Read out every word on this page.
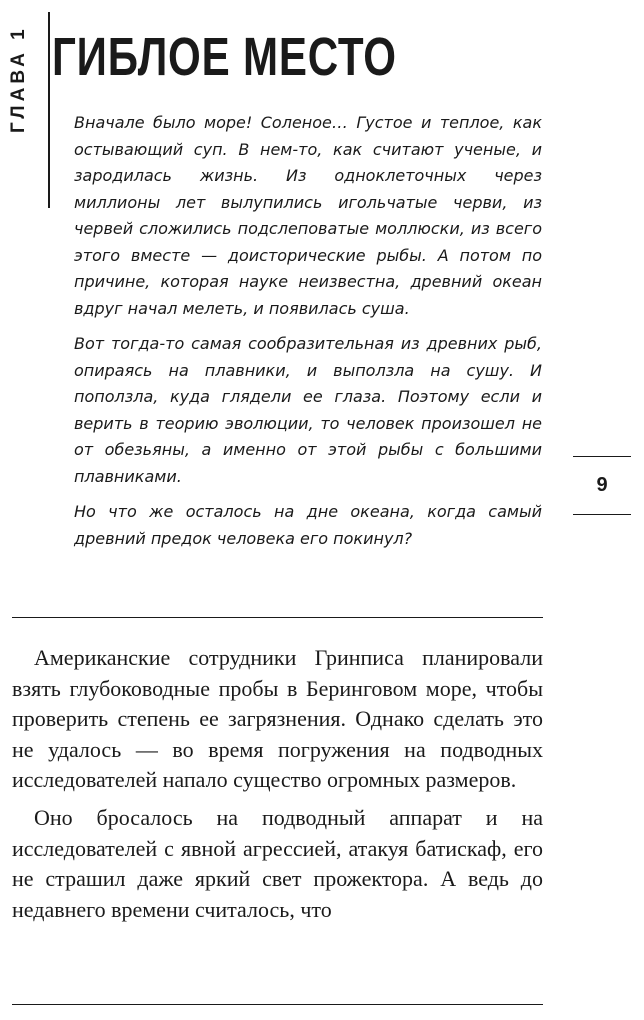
ГЛАВА 1 ГИБЛОЕ МЕСТО

Вначале было море! Соленое… Густое и теплое, как остывающий суп. В нем-то, как считают ученые, и зародилась жизнь. Из одноклеточных через миллионы лет вылупились игольчатые черви, из червей сложились подслеповатые моллюски, из всего этого вместе — доисторические рыбы. А потом по причине, которая науке неизвестна, древний океан вдруг начал мелеть, и появилась суша.

Вот тогда-то самая сообразительная из древних рыб, опираясь на плавники, и выползла на сушу. И поползла, куда глядели ее глаза. Поэтому если и верить в теорию эволюции, то человек произошел не от обезьяны, а именно от этой рыбы с большими плавниками.

Но что же осталось на дне океана, когда самый древний предок человека его покинул?

9

Американские сотрудники Гринписа планировали взять глубоководные пробы в Беринговом море, чтобы проверить степень ее загрязнения. Однако сделать это не удалось — во время погружения на подводных исследователей напало существо огромных размеров.

Оно бросалось на подводный аппарат и на исследователей с явной агрессией, атакуя батискаф, его не страшил даже яркий свет прожектора. А ведь до недавнего времени считалось, что
